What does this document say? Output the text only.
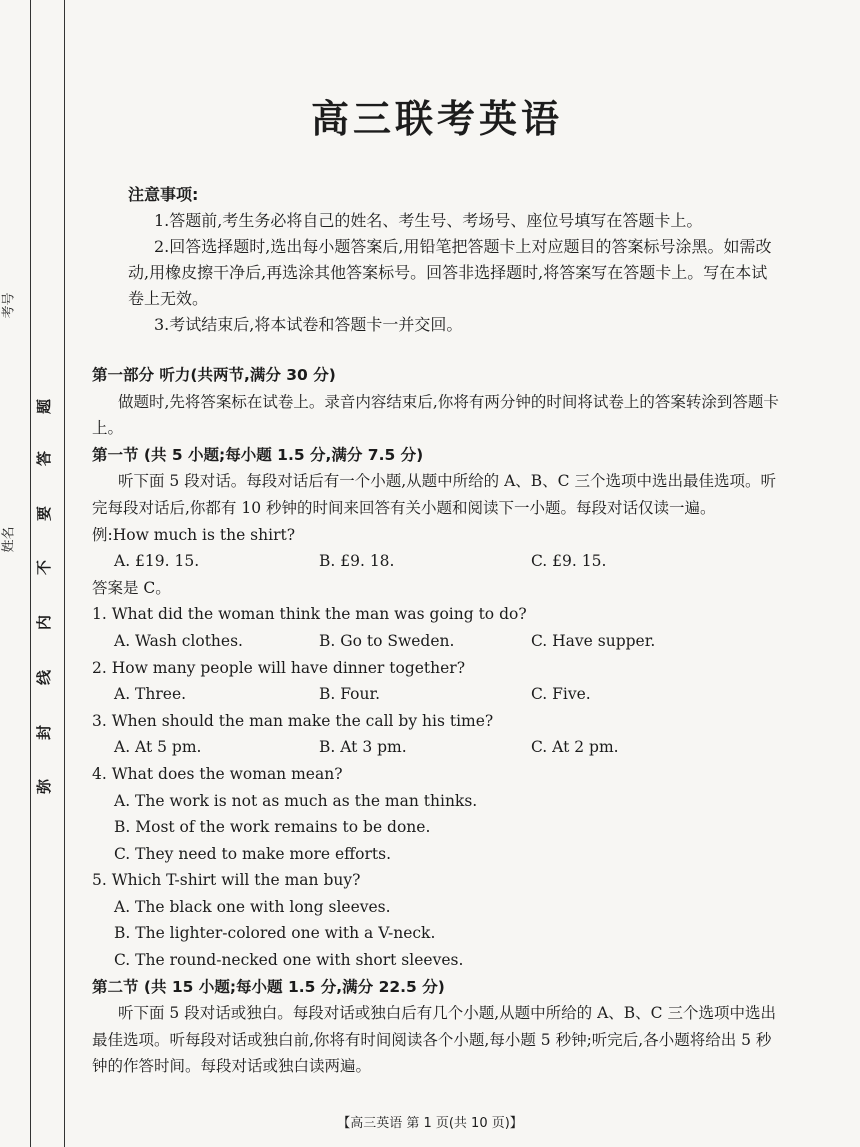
考号
姓名
题
答
要
不
内
线
封
弥
高三联考英语

注意事项:

1.答题前,考生务必将自己的姓名、考生号、考场号、座位号填写在答题卡上。

2.回答选择题时,选出每小题答案后,用铅笔把答题卡上对应题目的答案标号涂黑。如需改动,用橡皮擦干净后,再选涂其他答案标号。回答非选择题时,将答案写在答题卡上。写在本试卷上无效。

3.考试结束后,将本试卷和答题卡一并交回。

第一部分 听力(共两节,满分 30 分)

做题时,先将答案标在试卷上。录音内容结束后,你将有两分钟的时间将试卷上的答案转涂到答题卡上。

第一节 (共 5 小题;每小题 1.5 分,满分 7.5 分)

听下面 5 段对话。每段对话后有一个小题,从题中所给的 A、B、C 三个选项中选出最佳选项。听完每段对话后,你都有 10 秒钟的时间来回答有关小题和阅读下一小题。每段对话仅读一遍。

例:How much is the shirt?

A. £19. 15.	B. £9. 18.	C. £9. 15.

答案是 C。

1. What did the woman think the man was going to do?

A. Wash clothes.	B. Go to Sweden.	C. Have supper.

2. How many people will have dinner together?

A. Three.	B. Four.	C. Five.

3. When should the man make the call by his time?

A. At 5 pm.	B. At 3 pm.	C. At 2 pm.

4. What does the woman mean?

A. The work is not as much as the man thinks.

B. Most of the work remains to be done.

C. They need to make more efforts.

5. Which T-shirt will the man buy?

A. The black one with long sleeves.

B. The lighter-colored one with a V-neck.

C. The round-necked one with short sleeves.

第二节 (共 15 小题;每小题 1.5 分,满分 22.5 分)

听下面 5 段对话或独白。每段对话或独白后有几个小题,从题中所给的 A、B、C 三个选项中选出最佳选项。听每段对话或独白前,你将有时间阅读各个小题,每小题 5 秒钟;听完后,各小题将给出 5 秒钟的作答时间。每段对话或独白读两遍。

【高三英语 第 1 页(共 10 页)】
